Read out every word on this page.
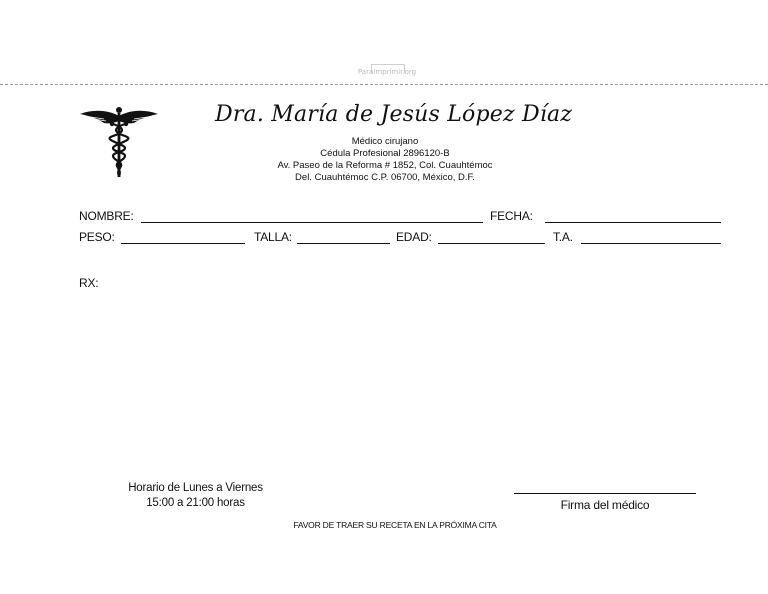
ParaImprimir.org
Dra. María de Jesús López Díaz
Médico cirujano
Cédula Profesional 2896120-B
Av. Paseo de la Reforma # 1852, Col. Cuauhtémoc
Del. Cuauhtémoc C.P. 06700, México, D.F.
NOMBRE:	FECHA:
PESO:	TALLA:	EDAD:	T.A.
RX:
Horario de Lunes a Viernes
15:00 a 21:00 horas	Firma del médico
FAVOR DE TRAER SU RECETA EN LA PRÓXIMA CITA
